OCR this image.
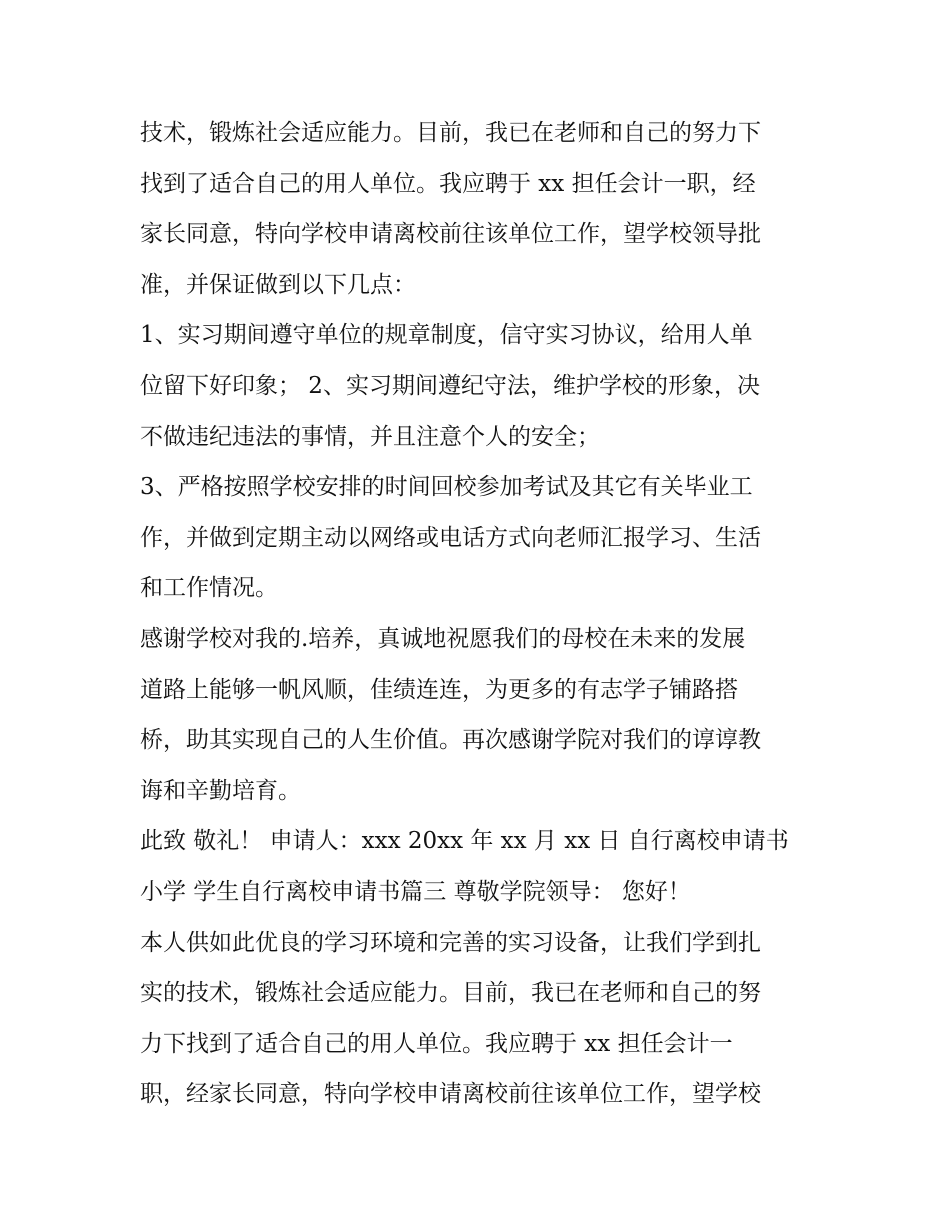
技术，锻炼社会适应能力。目前，我已在老师和自己的努力下
找到了适合自己的用人单位。我应聘于 xx 担任会计一职，经
家长同意，特向学校申请离校前往该单位工作，望学校领导批
准，并保证做到以下几点：
1、实习期间遵守单位的规章制度，信守实习协议，给用人单
位留下好印象； 2、实习期间遵纪守法，维护学校的形象，决
不做违纪违法的事情，并且注意个人的安全；
3、严格按照学校安排的时间回校参加考试及其它有关毕业工
作，并做到定期主动以网络或电话方式向老师汇报学习、生活
和工作情况。
感谢学校对我的.培养，真诚地祝愿我们的母校在未来的发展
道路上能够一帆风顺，佳绩连连，为更多的有志学子铺路搭
桥，助其实现自己的人生价值。再次感谢学院对我们的谆谆教
诲和辛勤培育。
此致 敬礼！ 申请人：xxx 20xx 年 xx 月 xx 日 自行离校申请书
小学 学生自行离校申请书篇三 尊敬学院领导： 您好！
本人供如此优良的学习环境和完善的实习设备，让我们学到扎
实的技术，锻炼社会适应能力。目前，我已在老师和自己的努
力下找到了适合自己的用人单位。我应聘于 xx 担任会计一
职，经家长同意，特向学校申请离校前往该单位工作，望学校
